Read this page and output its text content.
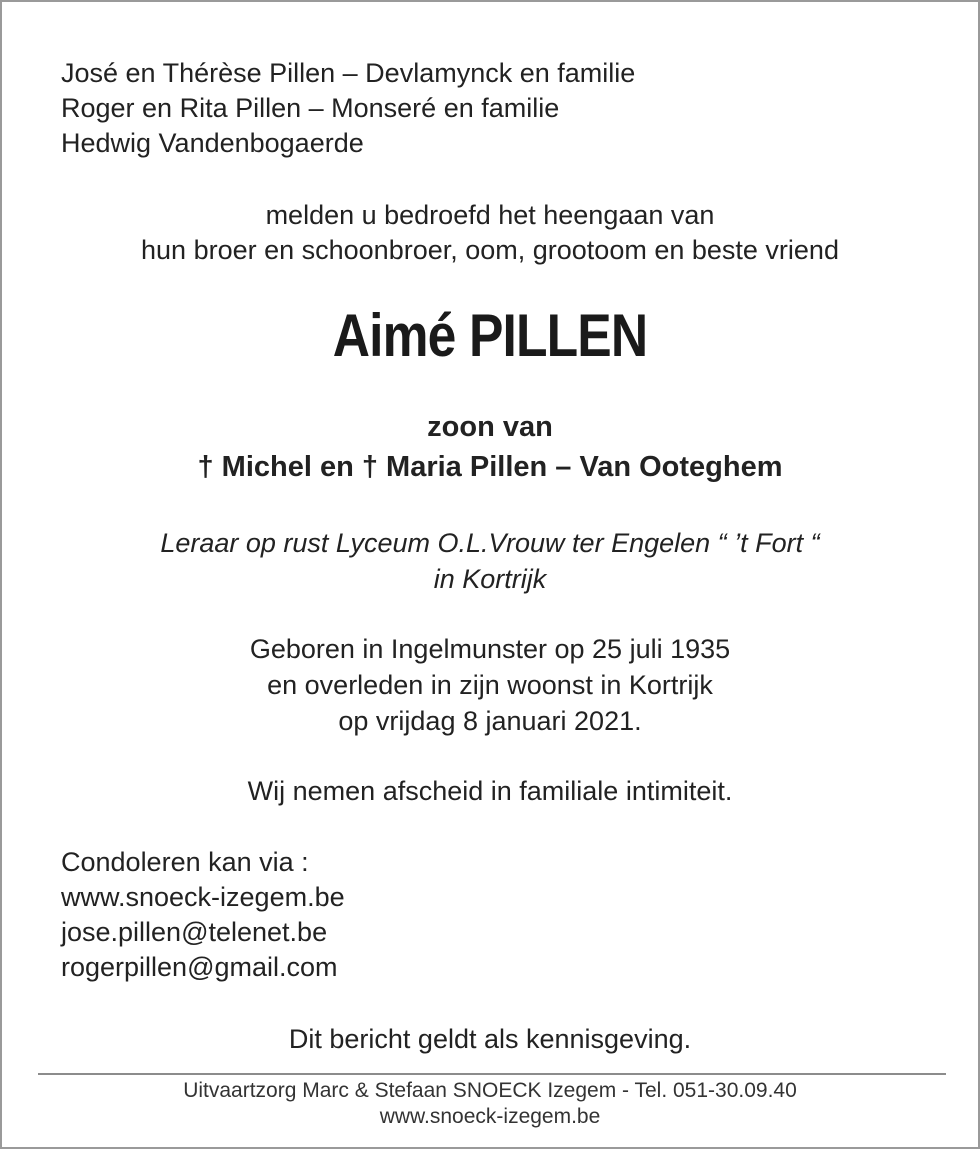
José en Thérèse Pillen – Devlamynck en familie
Roger en Rita Pillen – Monseré en familie
Hedwig Vandenbogaerde
melden u bedroefd het heengaan van
hun broer en schoonbroer, oom, grootoom en beste vriend
Aimé PILLEN
zoon van
† Michel en † Maria Pillen – Van Ooteghem
Leraar op rust Lyceum O.L.Vrouw ter Engelen “ ’t Fort “
in Kortrijk
Geboren in Ingelmunster op 25 juli 1935
en overleden in zijn woonst in Kortrijk
op vrijdag 8 januari 2021.
Wij nemen afscheid in familiale intimiteit.
Condoleren kan via :
www.snoeck-izegem.be
jose.pillen@telenet.be
rogerpillen@gmail.com
Dit bericht geldt als kennisgeving.
Uitvaartzorg Marc & Stefaan SNOECK Izegem - Tel. 051-30.09.40
www.snoeck-izegem.be
